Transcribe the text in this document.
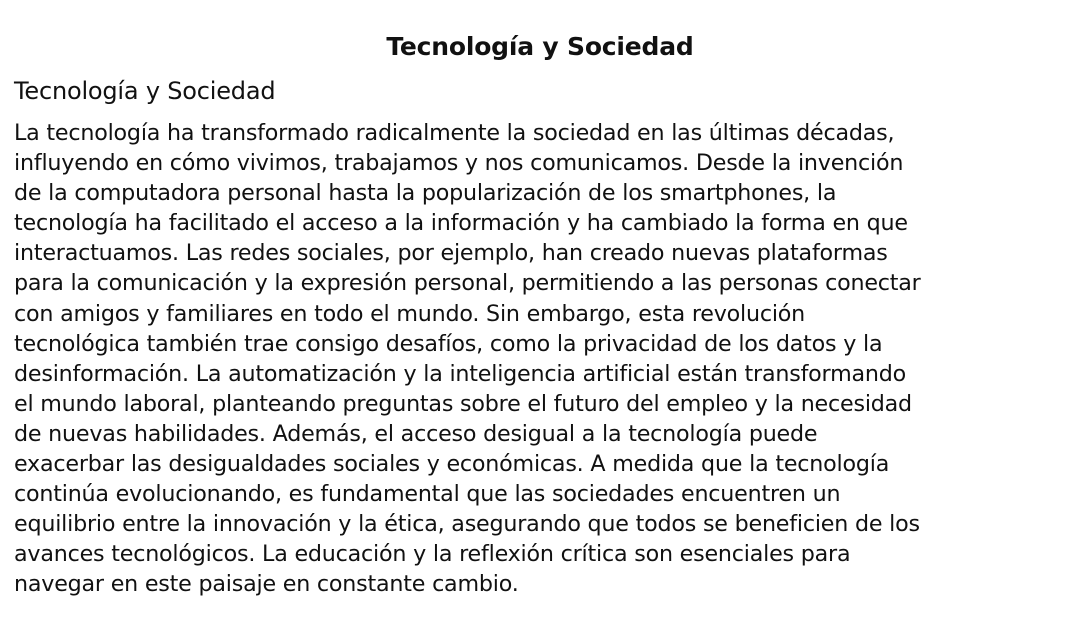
Tecnología y Sociedad
Tecnología y Sociedad

La tecnología ha transformado radicalmente la sociedad en las últimas décadas,
influyendo en cómo vivimos, trabajamos y nos comunicamos. Desde la invención
de la computadora personal hasta la popularización de los smartphones, la
tecnología ha facilitado el acceso a la información y ha cambiado la forma en que
interactuamos. Las redes sociales, por ejemplo, han creado nuevas plataformas
para la comunicación y la expresión personal, permitiendo a las personas conectar
con amigos y familiares en todo el mundo. Sin embargo, esta revolución
tecnológica también trae consigo desafíos, como la privacidad de los datos y la
desinformación. La automatización y la inteligencia artificial están transformando
el mundo laboral, planteando preguntas sobre el futuro del empleo y la necesidad
de nuevas habilidades. Además, el acceso desigual a la tecnología puede
exacerbar las desigualdades sociales y económicas. A medida que la tecnología
continúa evolucionando, es fundamental que las sociedades encuentren un
equilibrio entre la innovación y la ética, asegurando que todos se beneficien de los
avances tecnológicos. La educación y la reflexión crítica son esenciales para
navegar en este paisaje en constante cambio.
